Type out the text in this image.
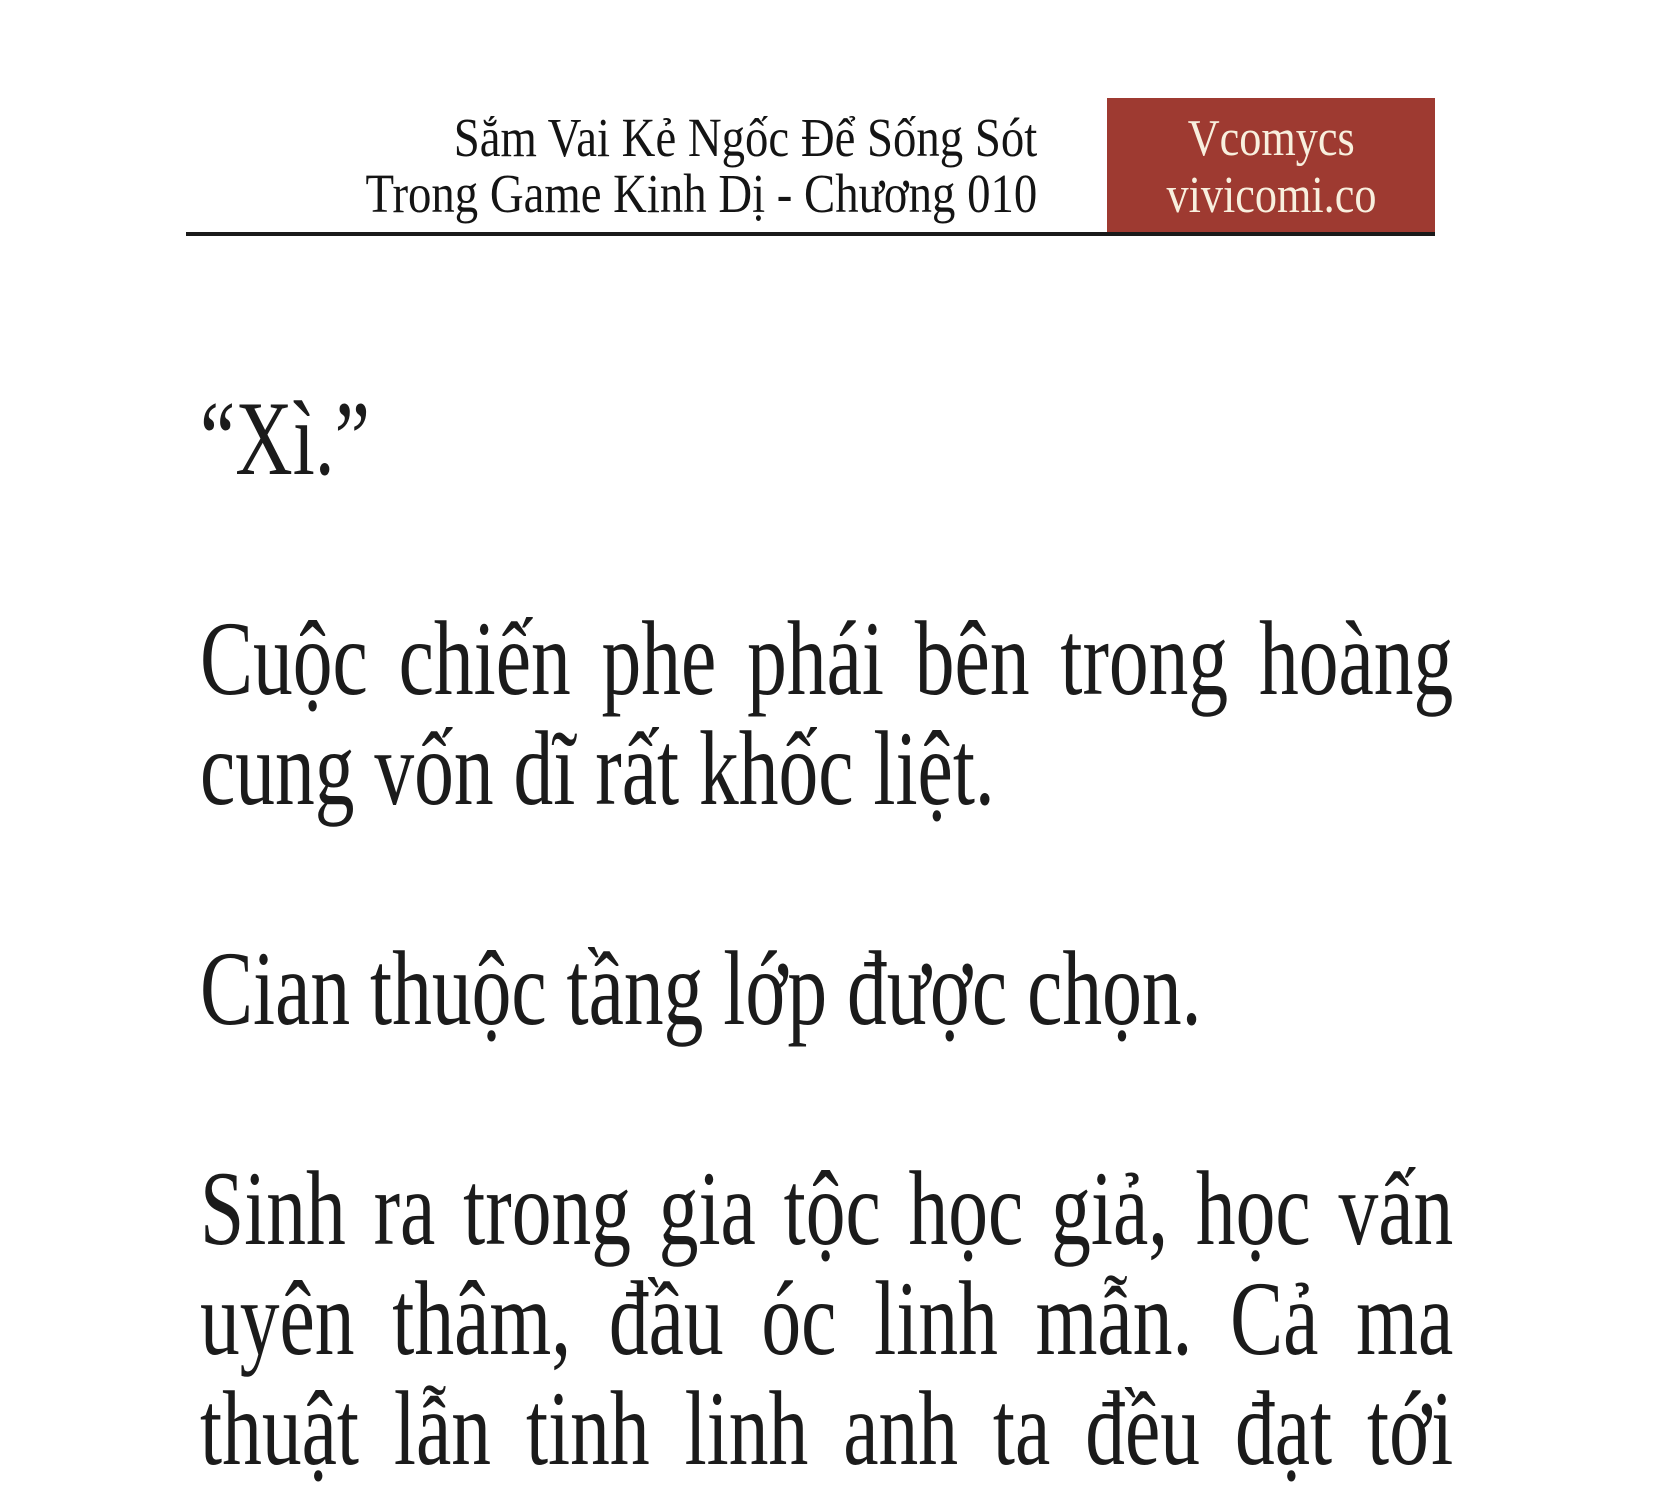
Sắm Vai Kẻ Ngốc Để Sống Sót
Trong Game Kinh Dị - Chương 010
Vcomycs
vivicomi.co

“Xì.”

Cuộc chiến phe phái bên trong hoàng
cung vốn dĩ rất khốc liệt.

Cian thuộc tầng lớp được chọn.

Sinh ra trong gia tộc học giả, học vấn
uyên thâm, đầu óc linh mẫn. Cả ma
thuật lẫn tinh linh anh ta đều đạt tới
